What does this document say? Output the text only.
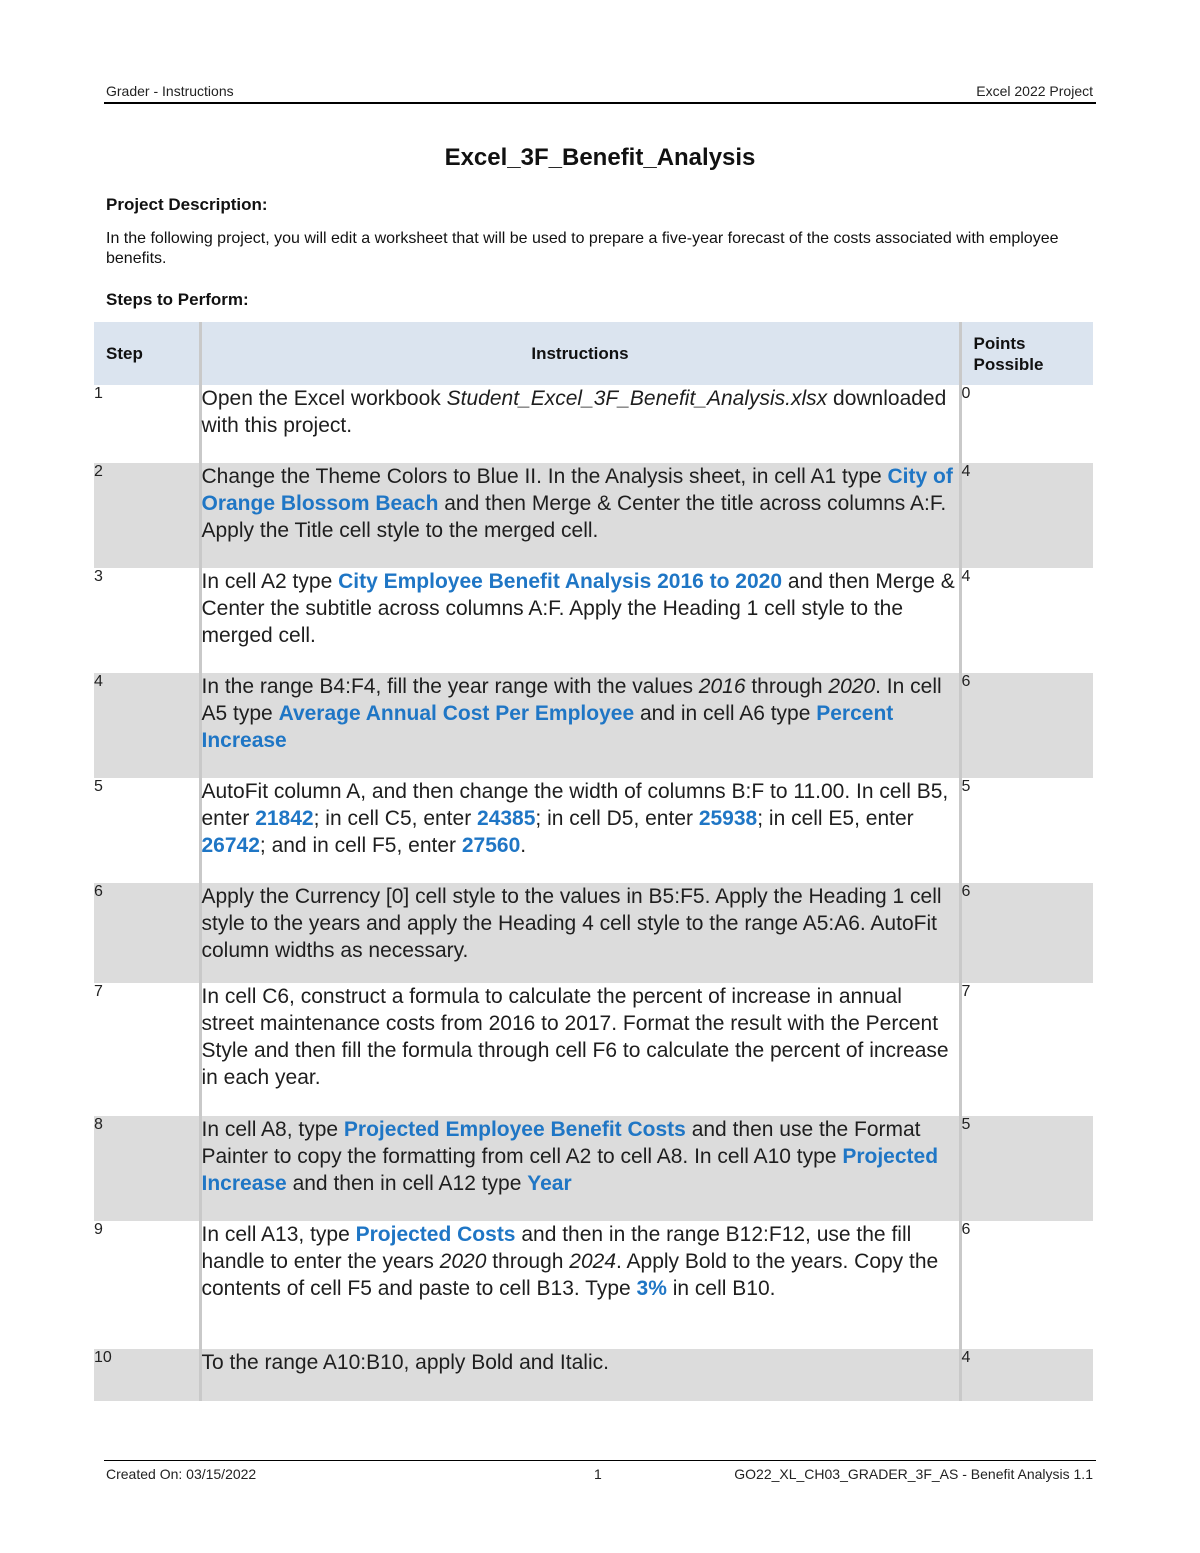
Grader - Instructions	Excel 2022 Project
Excel_3F_Benefit_Analysis
Project Description:
In the following project, you will edit a worksheet that will be used to prepare a five-year forecast of the costs associated with employee benefits.
Steps to Perform:
Step	Instructions	Points Possible
1	Open the Excel workbook Student_Excel_3F_Benefit_Analysis.xlsx downloaded with this project.	0
2	Change the Theme Colors to Blue II. In the Analysis sheet, in cell A1 type City of Orange Blossom Beach and then Merge & Center the title across columns A:F. Apply the Title cell style to the merged cell.	4
3	In cell A2 type City Employee Benefit Analysis 2016 to 2020 and then Merge & Center the subtitle across columns A:F. Apply the Heading 1 cell style to the merged cell.	4
4	In the range B4:F4, fill the year range with the values 2016 through 2020. In cell A5 type Average Annual Cost Per Employee and in cell A6 type Percent Increase	6
5	AutoFit column A, and then change the width of columns B:F to 11.00. In cell B5, enter 21842; in cell C5, enter 24385; in cell D5, enter 25938; in cell E5, enter 26742; and in cell F5, enter 27560.	5
6	Apply the Currency [0] cell style to the values in B5:F5. Apply the Heading 1 cell style to the years and apply the Heading 4 cell style to the range A5:A6. AutoFit column widths as necessary.	6
7	In cell C6, construct a formula to calculate the percent of increase in annual street maintenance costs from 2016 to 2017. Format the result with the Percent Style and then fill the formula through cell F6 to calculate the percent of increase in each year.	7
8	In cell A8, type Projected Employee Benefit Costs and then use the Format Painter to copy the formatting from cell A2 to cell A8. In cell A10 type Projected Increase and then in cell A12 type Year	5
9	In cell A13, type Projected Costs and then in the range B12:F12, use the fill handle to enter the years 2020 through 2024. Apply Bold to the years. Copy the contents of cell F5 and paste to cell B13. Type 3% in cell B10.	6
10	To the range A10:B10, apply Bold and Italic.	4
Created On: 03/15/2022	1	GO22_XL_CH03_GRADER_3F_AS - Benefit Analysis 1.1
